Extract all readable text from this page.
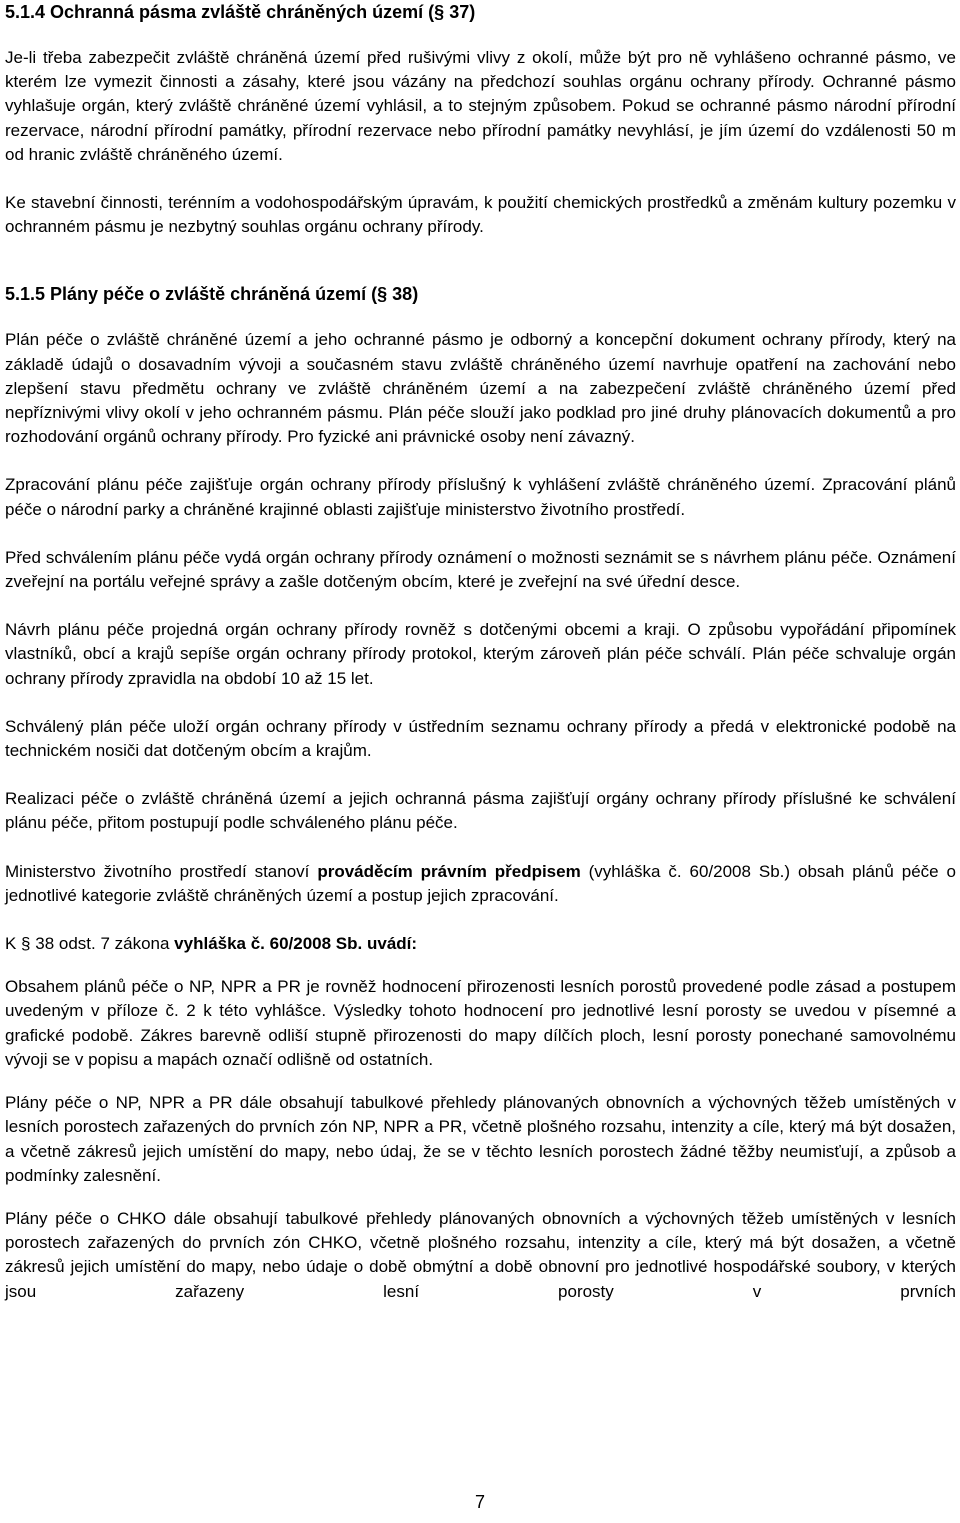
5.1.4 Ochranná pásma zvláště chráněných území (§ 37)

Je-li třeba zabezpečit zvláště chráněná území před rušivými vlivy z okolí, může být pro ně vyhlášeno ochranné pásmo, ve kterém lze vymezit činnosti a zásahy, které jsou vázány na předchozí souhlas orgánu ochrany přírody. Ochranné pásmo vyhlašuje orgán, který zvláště chráněné území vyhlásil, a to stejným způsobem. Pokud se ochranné pásmo národní přírodní rezervace, národní přírodní památky, přírodní rezervace nebo přírodní památky nevyhlásí, je jím území do vzdálenosti 50 m od hranic zvláště chráněného území.

Ke stavební činnosti, terénním a vodohospodářským úpravám, k použití chemických prostředků a změnám kultury pozemku v ochranném pásmu je nezbytný souhlas orgánu ochrany přírody.

5.1.5 Plány péče o zvláště chráněná území (§ 38)

Plán péče o zvláště chráněné území a jeho ochranné pásmo je odborný a koncepční dokument ochrany přírody, který na základě údajů o dosavadním vývoji a současném stavu zvláště chráněného území navrhuje opatření na zachování nebo zlepšení stavu předmětu ochrany ve zvláště chráněném území a na zabezpečení zvláště chráněného území před nepříznivými vlivy okolí v jeho ochranném pásmu. Plán péče slouží jako podklad pro jiné druhy plánovacích dokumentů a pro rozhodování orgánů ochrany přírody. Pro fyzické ani právnické osoby není závazný.

Zpracování plánu péče zajišťuje orgán ochrany přírody příslušný k vyhlášení zvláště chráněného území. Zpracování plánů péče o národní parky a chráněné krajinné oblasti zajišťuje ministerstvo životního prostředí.

Před schválením plánu péče vydá orgán ochrany přírody oznámení o možnosti seznámit se s návrhem plánu péče. Oznámení zveřejní na portálu veřejné správy a zašle dotčeným obcím, které je zveřejní na své úřední desce.

Návrh plánu péče projedná orgán ochrany přírody rovněž s dotčenými obcemi a kraji. O způsobu vypořádání připomínek vlastníků, obcí a krajů sepíše orgán ochrany přírody protokol, kterým zároveň plán péče schválí. Plán péče schvaluje orgán ochrany přírody zpravidla na období 10 až 15 let.

Schválený plán péče uloží orgán ochrany přírody v ústředním seznamu ochrany přírody a předá v elektronické podobě na technickém nosiči dat dotčeným obcím a krajům.

Realizaci péče o zvláště chráněná území a jejich ochranná pásma zajišťují orgány ochrany přírody příslušné ke schválení plánu péče, přitom postupují podle schváleného plánu péče.

Ministerstvo životního prostředí stanoví prováděcím právním předpisem (vyhláška č. 60/2008 Sb.) obsah plánů péče o jednotlivé kategorie zvláště chráněných území a postup jejich zpracování.

K § 38 odst. 7 zákona vyhláška č. 60/2008 Sb. uvádí:

Obsahem plánů péče o NP, NPR a PR je rovněž hodnocení přirozenosti lesních porostů provedené podle zásad a postupem uvedeným v příloze č. 2 k této vyhlášce. Výsledky tohoto hodnocení pro jednotlivé lesní porosty se uvedou v písemné a grafické podobě. Zákres barevně odliší stupně přirozenosti do mapy dílčích ploch, lesní porosty ponechané samovolnému vývoji se v popisu a mapách označí odlišně od ostatních.

Plány péče o NP, NPR a PR dále obsahují tabulkové přehledy plánovaných obnovních a výchovných těžeb umístěných v lesních porostech zařazených do prvních zón NP, NPR a PR, včetně plošného rozsahu, intenzity a cíle, který má být dosažen, a včetně zákresů jejich umístění do mapy, nebo údaj, že se v těchto lesních porostech žádné těžby neumisťují, a způsob a podmínky zalesnění.

Plány péče o CHKO dále obsahují tabulkové přehledy plánovaných obnovních a výchovných těžeb umístěných v lesních porostech zařazených do prvních zón CHKO, včetně plošného rozsahu, intenzity a cíle, který má být dosažen, a včetně zákresů jejich umístění do mapy, nebo údaje o době obmýtní a době obnovní pro jednotlivé hospodářské soubory, v kterých jsou zařazeny lesní porosty v prvních

7
